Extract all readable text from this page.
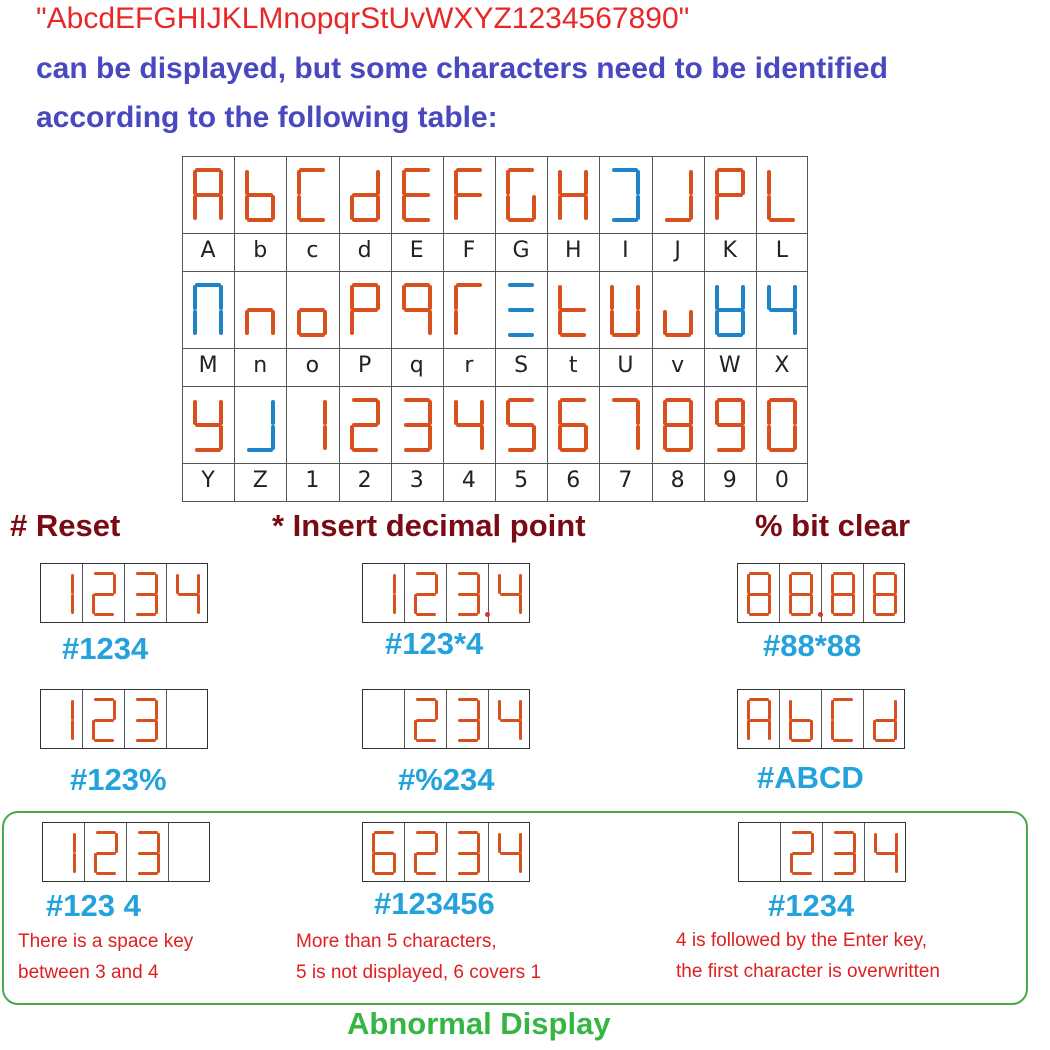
"AbcdEFGHIJKLMnopqrStUvWXYZ1234567890"
can be displayed, but some characters need to be identified
according to the following table:
A	b	c	d	E	F	G	H	I	J	K	L
M	n	o	P	q	r	S	t	U	v	W	X
Y	Z	1	2	3	4	5	6	7	8	9	0
# Reset	* Insert decimal point	% bit clear
#1234	#123*4	#88*88
#123%	#%234	#ABCD
#123 4	#123456	#1234
There is a space key
between 3 and 4
More than 5 characters,
5 is not displayed, 6 covers 1
4 is followed by the Enter key,
the first character is overwritten
Abnormal Display
